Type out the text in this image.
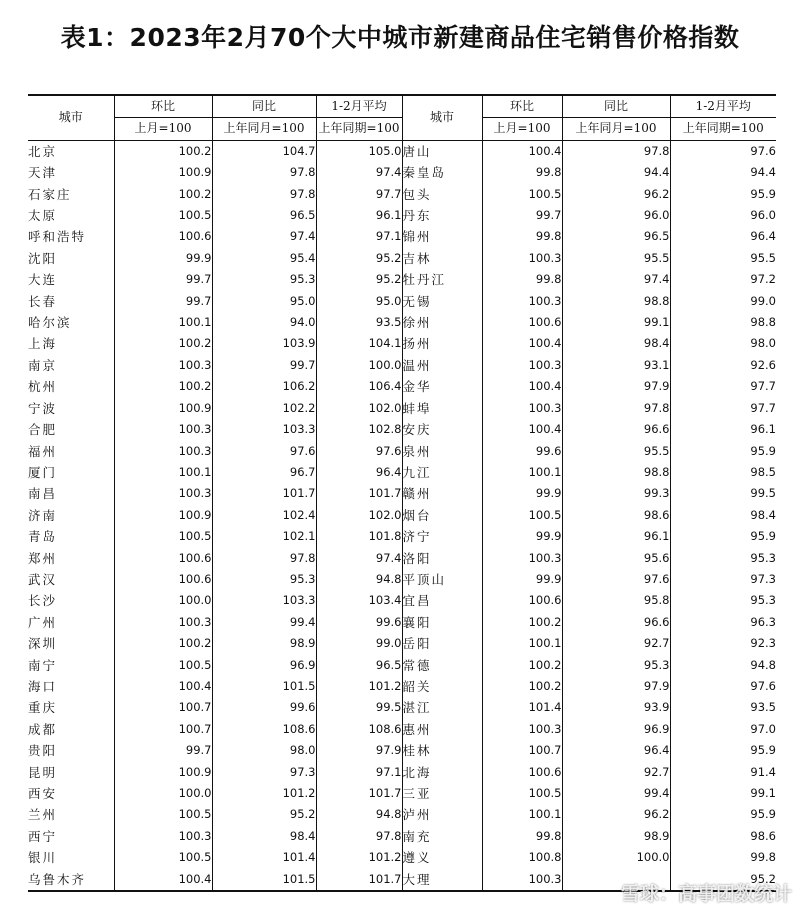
表1：2023年2月70个大中城市新建商品住宅销售价格指数
城市	环比	同比	1-2月平均	城市	环比	同比	1-2月平均
	上月=100	上年同月=100	上年同期=100		上月=100	上年同月=100	上年同期=100
北京	100.2	104.7	105.0	唐山	100.4	97.8	97.6
天津	100.9	97.8	97.4	秦皇岛	99.8	94.4	94.4
石家庄	100.2	97.8	97.7	包头	100.5	96.2	95.9
太原	100.5	96.5	96.1	丹东	99.7	96.0	96.0
呼和浩特	100.6	97.4	97.1	锦州	99.8	96.5	96.4
沈阳	99.9	95.4	95.2	吉林	100.3	95.5	95.5
大连	99.7	95.3	95.2	牡丹江	99.8	97.4	97.2
长春	99.7	95.0	95.0	无锡	100.3	98.8	99.0
哈尔滨	100.1	94.0	93.5	徐州	100.6	99.1	98.8
上海	100.2	103.9	104.1	扬州	100.4	98.4	98.0
南京	100.3	99.7	100.0	温州	100.3	93.1	92.6
杭州	100.2	106.2	106.4	金华	100.4	97.9	97.7
宁波	100.9	102.2	102.0	蚌埠	100.3	97.8	97.7
合肥	100.3	103.3	102.8	安庆	100.4	96.6	96.1
福州	100.3	97.6	97.6	泉州	99.6	95.5	95.9
厦门	100.1	96.7	96.4	九江	100.1	98.8	98.5
南昌	100.3	101.7	101.7	赣州	99.9	99.3	99.5
济南	100.9	102.4	102.0	烟台	100.5	98.6	98.4
青岛	100.5	102.1	101.8	济宁	99.9	96.1	95.9
郑州	100.6	97.8	97.4	洛阳	100.3	95.6	95.3
武汉	100.6	95.3	94.8	平顶山	99.9	97.6	97.3
长沙	100.0	103.3	103.4	宜昌	100.6	95.8	95.3
广州	100.3	99.4	99.6	襄阳	100.2	96.6	96.3
深圳	100.2	98.9	99.0	岳阳	100.1	92.7	92.3
南宁	100.5	96.9	96.5	常德	100.2	95.3	94.8
海口	100.4	101.5	101.2	韶关	100.2	97.9	97.6
重庆	100.7	99.6	99.5	湛江	101.4	93.9	93.5
成都	100.7	108.6	108.6	惠州	100.3	96.9	97.0
贵阳	99.7	98.0	97.9	桂林	100.7	96.4	95.9
昆明	100.9	97.3	97.1	北海	100.6	92.7	91.4
西安	100.0	101.2	101.7	三亚	100.5	99.4	99.1
兰州	100.5	95.2	94.8	泸州	100.1	96.2	95.9
西宁	100.3	98.4	97.8	南充	99.8	98.9	98.6
银川	100.5	101.4	101.2	遵义	100.8	100.0	99.8
乌鲁木齐	100.4	101.5	101.7	大理	100.3		95.2
雪球：高事团数统计
